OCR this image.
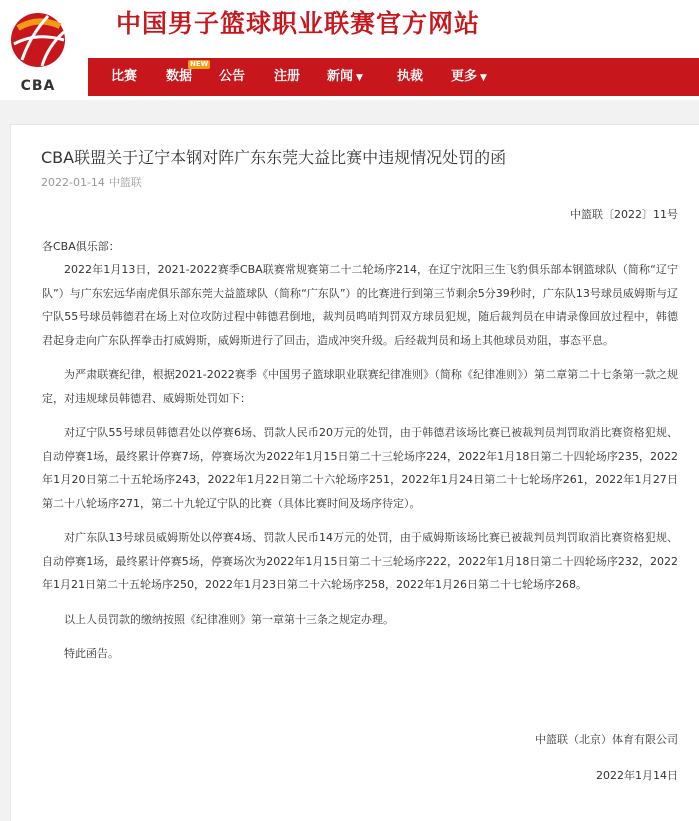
CBA
中国男子篮球职业联赛官方网站
比赛 数据
NEW
公告 注册 新闻 ▼	执裁 更多 ▼
CBA联盟关于辽宁本钢对阵广东东莞大益比赛中违规情况处罚的函
2022-01-14 中篮联

中篮联〔2022〕11号

各CBA俱乐部：

2022年1月13日，2021-2022赛季CBA联赛常规赛第二十二轮场序214，在辽宁沈阳三生飞豹俱乐部本钢篮球队（简称“辽宁队”）与广东宏远华南虎俱乐部东莞大益篮球队（简称“广东队”）的比赛进行到第三节剩余5分39秒时，广东队13号球员威姆斯与辽宁队55号球员韩德君在场上对位攻防过程中韩德君倒地，裁判员鸣哨判罚双方球员犯规，随后裁判员在申请录像回放过程中，韩德君起身走向广东队挥拳击打威姆斯，威姆斯进行了回击，造成冲突升级。后经裁判员和场上其他球员劝阻，事态平息。

为严肃联赛纪律，根据2021-2022赛季《中国男子篮球职业联赛纪律准则》（简称《纪律准则》）第二章第二十七条第一款之规定，对违规球员韩德君、威姆斯处罚如下：

对辽宁队55号球员韩德君处以停赛6场、罚款人民币20万元的处罚，由于韩德君该场比赛已被裁判员判罚取消比赛资格犯规、自动停赛1场，最终累计停赛7场，停赛场次为2022年1月15日第二十三轮场序224，2022年1月18日第二十四轮场序235，2022年1月20日第二十五轮场序243，2022年1月22日第二十六轮场序251，2022年1月24日第二十七轮场序261，2022年1月27日第二十八轮场序271，第二十九轮辽宁队的比赛（具体比赛时间及场序待定）。

对广东队13号球员威姆斯处以停赛4场、罚款人民币14万元的处罚，由于威姆斯该场比赛已被裁判员判罚取消比赛资格犯规、自动停赛1场，最终累计停赛5场，停赛场次为2022年1月15日第二十三轮场序222，2022年1月18日第二十四轮场序232，2022年1月21日第二十五轮场序250，2022年1月23日第二十六轮场序258，2022年1月26日第二十七轮场序268。

以上人员罚款的缴纳按照《纪律准则》第一章第十三条之规定办理。

特此函告。

中篮联（北京）体育有限公司

2022年1月14日
